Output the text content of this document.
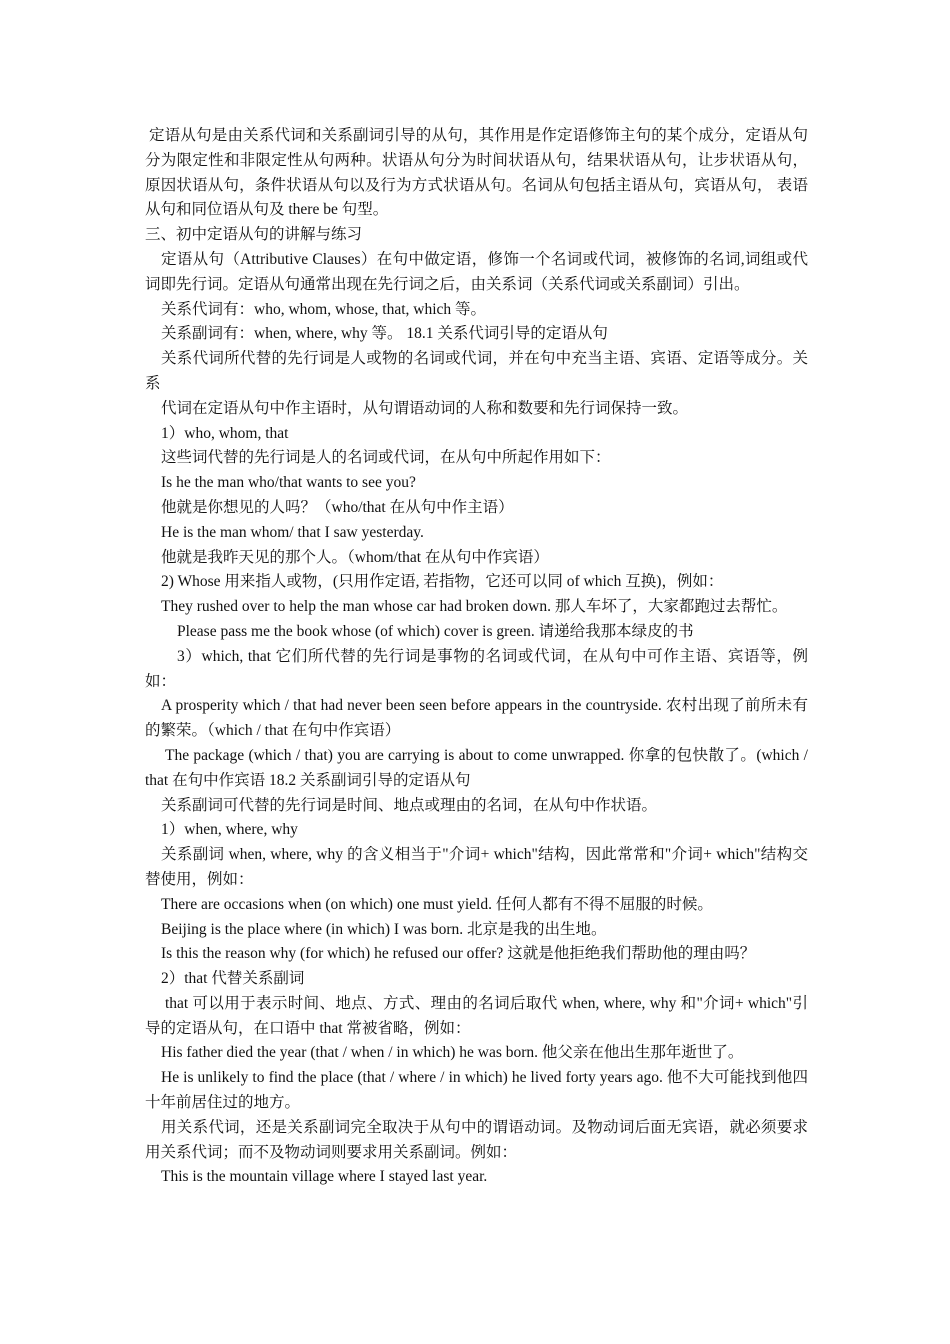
定语从句是由关系代词和关系副词引导的从句，其作用是作定语修饰主句的某个成分，定语从句分为限定性和非限定性从句两种。状语从句分为时间状语从句，结果状语从句，让步状语从句，原因状语从句，条件状语从句以及行为方式状语从句。名词从句包括主语从句，宾语从句， 表语从句和同位语从句及 there be 句型。

三、初中定语从句的讲解与练习

定语从句（Attributive Clauses）在句中做定语，修饰一个名词或代词，被修饰的名词,词组或代词即先行词。定语从句通常出现在先行词之后，由关系词（关系代词或关系副词）引出。

关系代词有：who, whom, whose, that, which 等。

关系副词有：when, where, why 等。 18.1 关系代词引导的定语从句

关系代词所代替的先行词是人或物的名词或代词，并在句中充当主语、宾语、定语等成分。关系

代词在定语从句中作主语时，从句谓语动词的人称和数要和先行词保持一致。

1）who, whom, that

这些词代替的先行词是人的名词或代词，在从句中所起作用如下：

Is he the man who/that wants to see you?

他就是你想见的人吗？（who/that 在从句中作主语）

He is the man whom/ that I saw yesterday.

他就是我昨天见的那个人。（whom/that 在从句中作宾语）

2) Whose 用来指人或物，(只用作定语, 若指物，它还可以同 of which 互换)，例如：

They rushed over to help the man whose car had broken down. 那人车坏了，大家都跑过去帮忙。

Please pass me the book whose (of which) cover is green. 请递给我那本绿皮的书

3）which, that 它们所代替的先行词是事物的名词或代词，在从句中可作主语、宾语等，例如：

A prosperity which / that had never been seen before appears in the countryside. 农村出现了前所未有的繁荣。（which / that 在句中作宾语）

The package (which / that) you are carrying is about to come unwrapped. 你拿的包快散了。(which / that 在句中作宾语 18.2 关系副词引导的定语从句

关系副词可代替的先行词是时间、地点或理由的名词，在从句中作状语。

1）when, where, why

关系副词 when, where, why 的含义相当于"介词+ which"结构，因此常常和"介词+ which"结构交替使用，例如：

There are occasions when (on which) one must yield. 任何人都有不得不屈服的时候。

Beijing is the place where (in which) I was born. 北京是我的出生地。

Is this the reason why (for which) he refused our offer? 这就是他拒绝我们帮助他的理由吗？

2）that 代替关系副词

that 可以用于表示时间、地点、方式、理由的名词后取代 when, where, why 和"介词+ which"引导的定语从句，在口语中 that 常被省略，例如：

His father died the year (that / when / in which) he was born. 他父亲在他出生那年逝世了。

He is unlikely to find the place (that / where / in which) he lived forty years ago. 他不大可能找到他四十年前居住过的地方。

用关系代词，还是关系副词完全取决于从句中的谓语动词。及物动词后面无宾语，就必须要求用关系代词；而不及物动词则要求用关系副词。例如：

This is the mountain village where I stayed last year.
